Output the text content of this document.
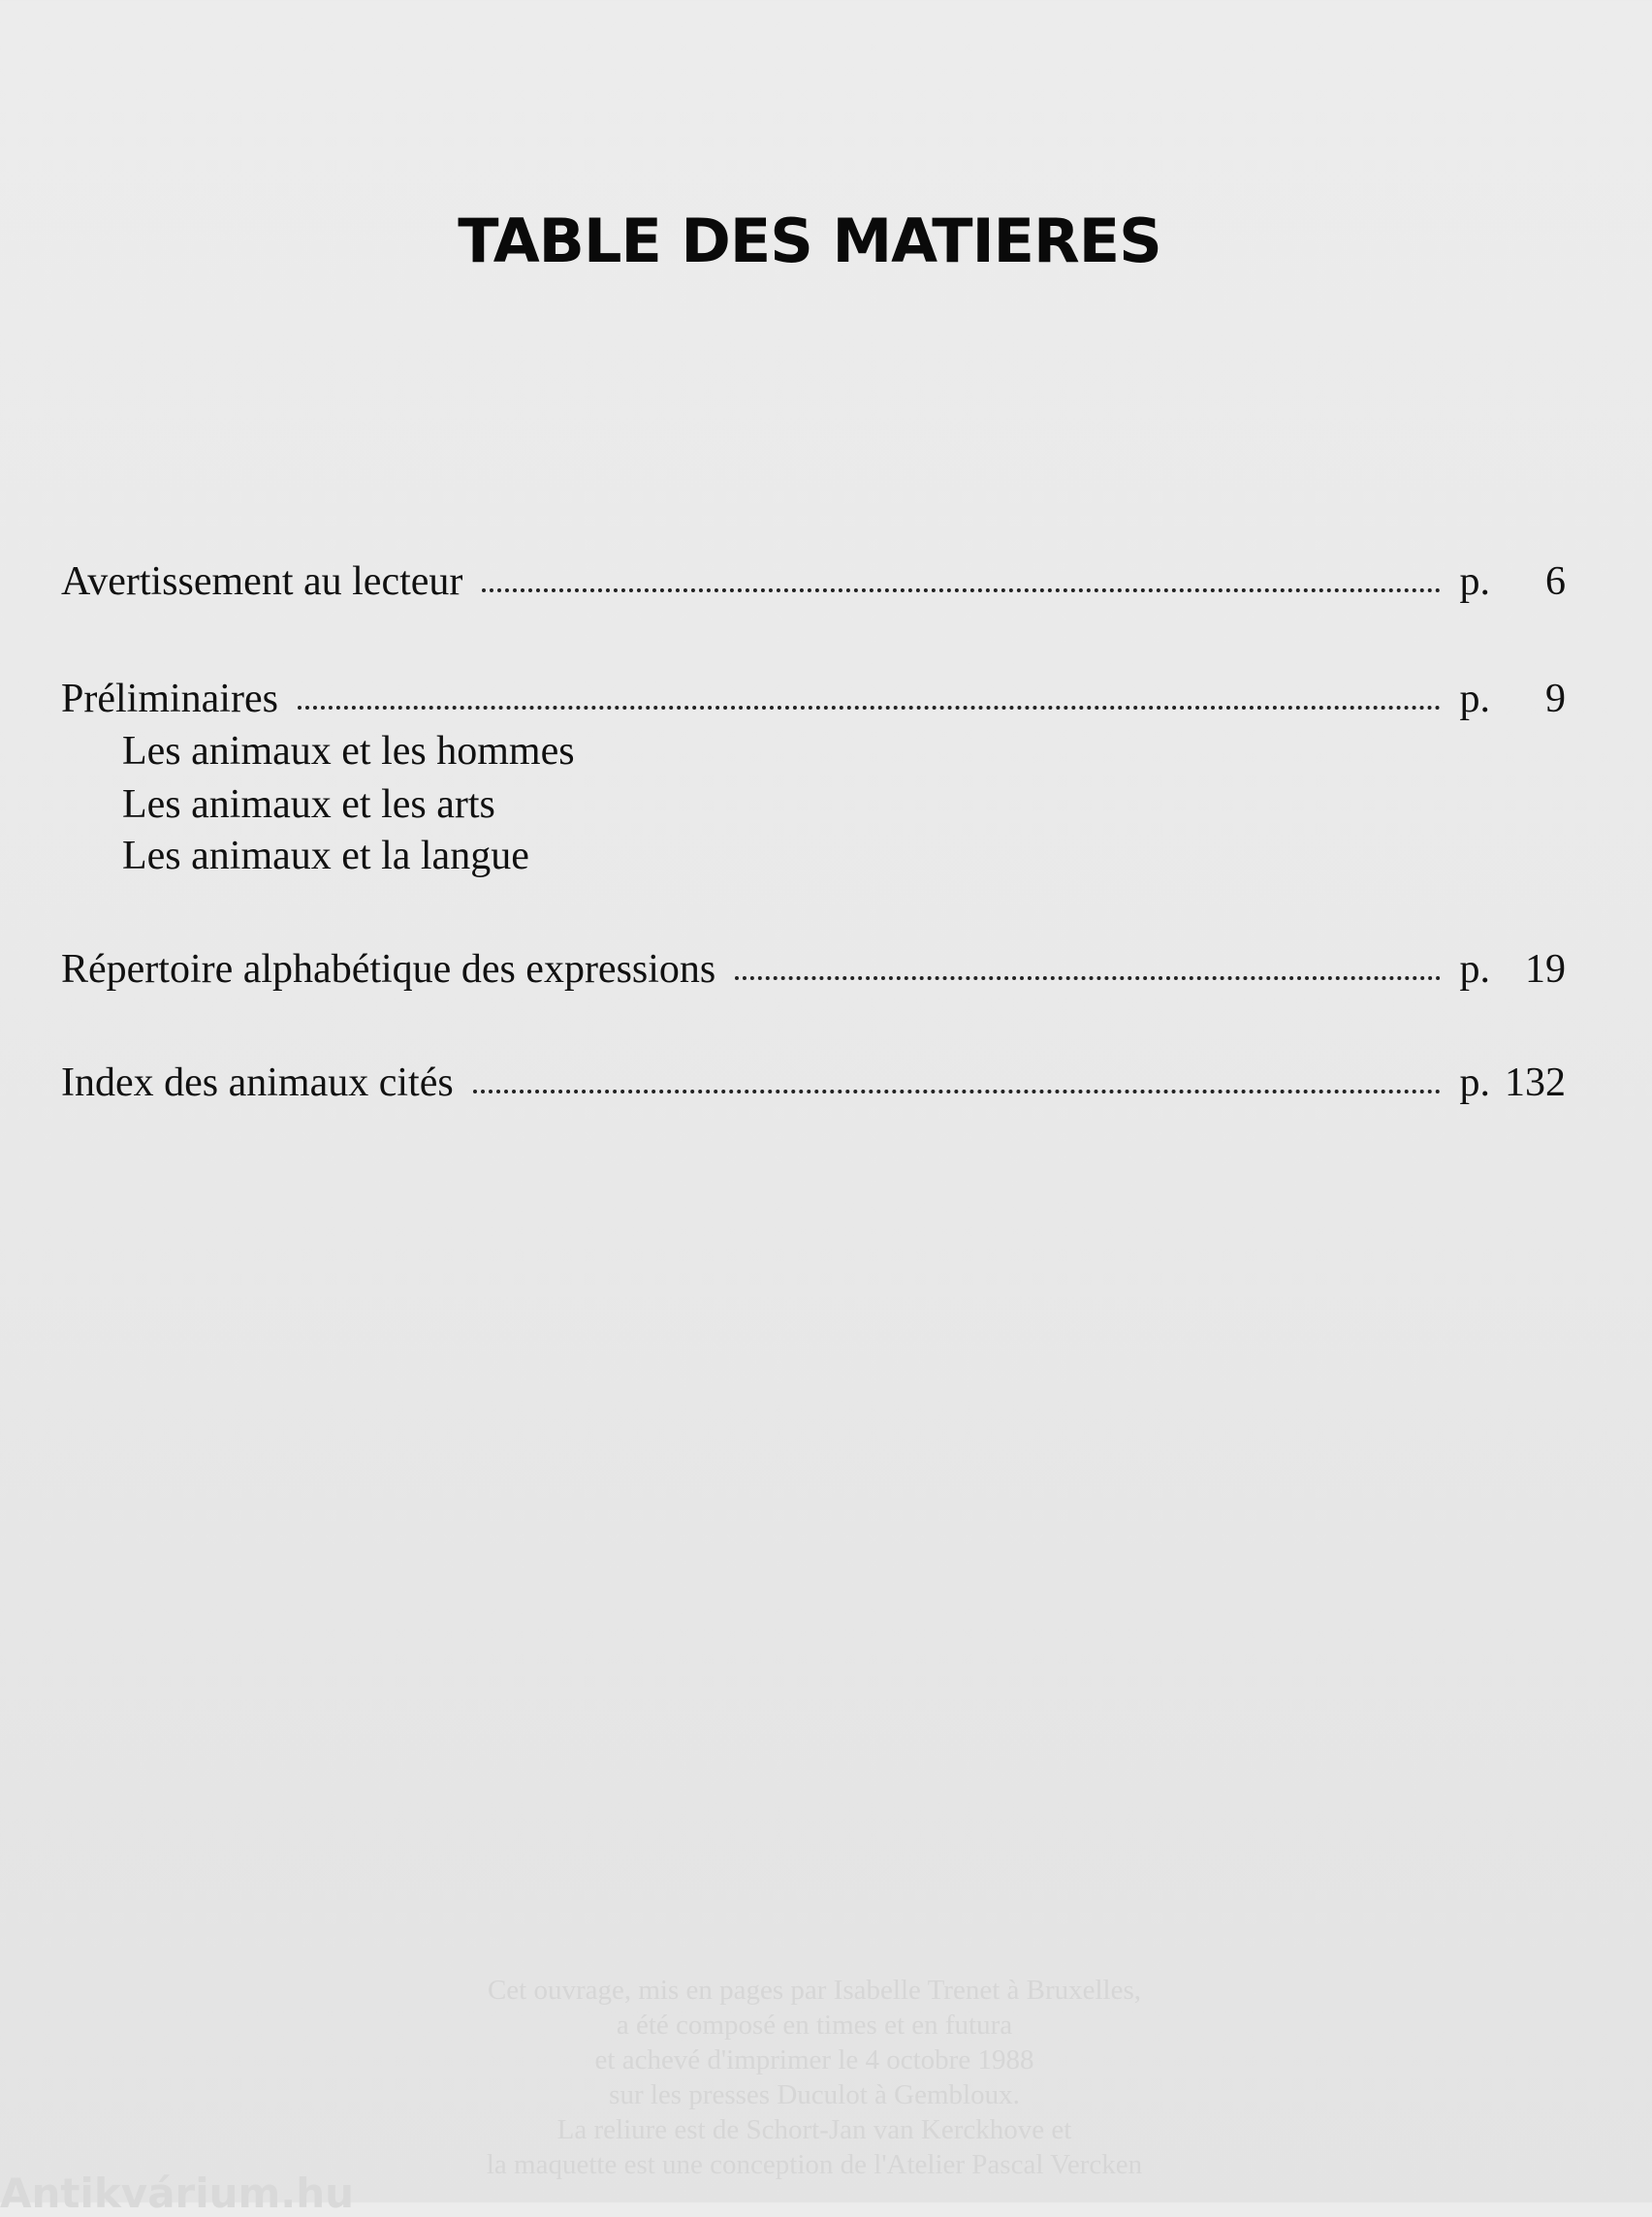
TABLE DES MATIERES
Avertissement au lecteur	p.	6
Préliminaires	p.	9
Les animaux et les hommes
Les animaux et les arts
Les animaux et la langue
Répertoire alphabétique des expressions	p. 19
Index des animaux cités	p. 132
Cet ouvrage, mis en pages par Isabelle Trenet à Bruxelles,
a été composé en times et en futura
et achevé d'imprimer le 4 octobre 1988
sur les presses Duculot à Gembloux.
La reliure est de Schort-Jan van Kerckhove et
la maquette est une conception de l'Atelier Pascal Vercken
Antikvárium.hu
